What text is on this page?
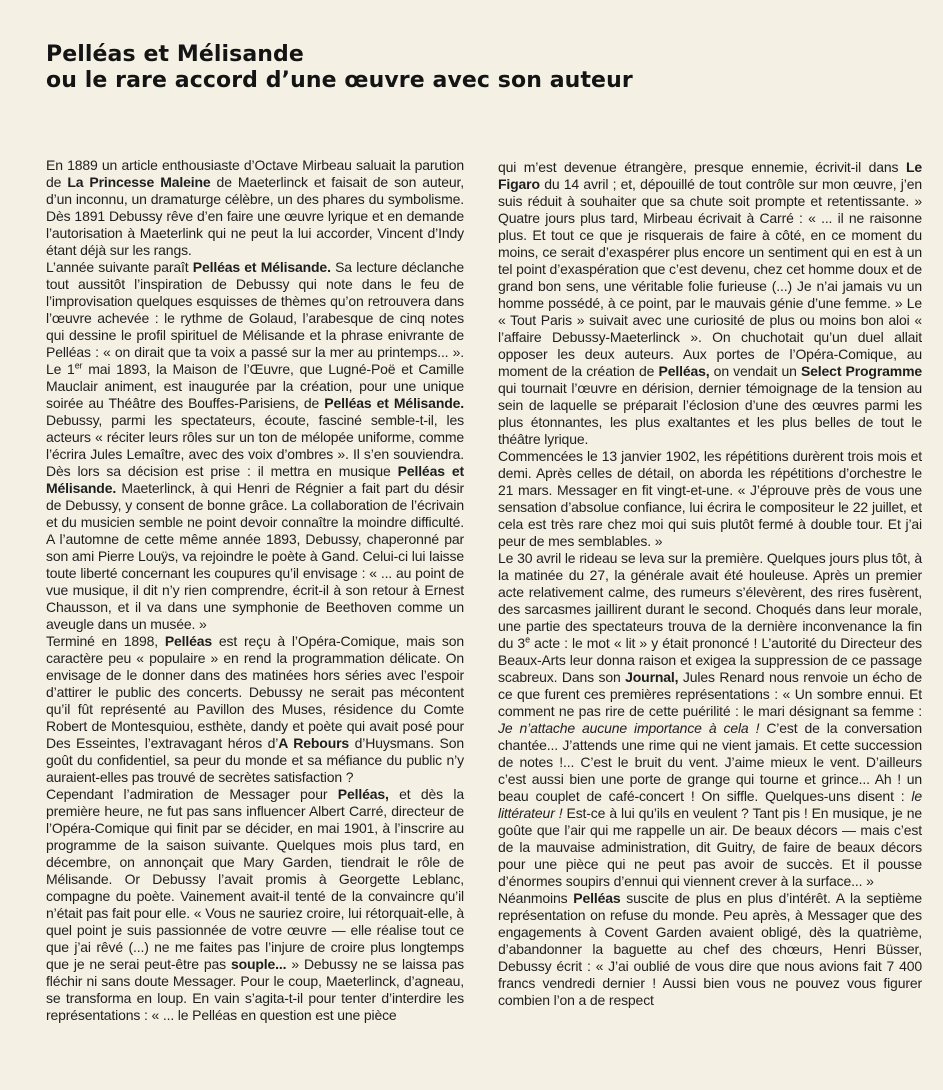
Pelléas et Mélisande
ou le rare accord d’une œuvre avec son auteur

En 1889 un article enthousiaste d’Octave Mirbeau saluait la parution de La Princesse Maleine de Maeterlinck et faisait de son auteur, d’un inconnu, un dramaturge célèbre, un des phares du symbolisme. Dès 1891 Debussy rêve d’en faire une œuvre lyrique et en demande l’autorisation à Maeterlink qui ne peut la lui accorder, Vincent d’Indy étant déjà sur les rangs.

L’année suivante paraît Pelléas et Mélisande. Sa lecture déclanche tout aussitôt l’inspiration de Debussy qui note dans le feu de l’improvisation quelques esquisses de thèmes qu’on retrouvera dans l’œuvre achevée : le rythme de Golaud, l’arabesque de cinq notes qui dessine le profil spirituel de Mélisande et la phrase enivrante de Pelléas : « on dirait que ta voix a passé sur la mer au printemps... ». Le 1er mai 1893, la Maison de l’Œuvre, que Lugné-Poë et Camille Mauclair animent, est inaugurée par la création, pour une unique soirée au Théâtre des Bouffes-Parisiens, de Pelléas et Mélisande. Debussy, parmi les spectateurs, écoute, fasciné semble-t-il, les acteurs « réciter leurs rôles sur un ton de mélopée uniforme, comme l’écrira Jules Lemaître, avec des voix d’ombres ». Il s’en souviendra. Dès lors sa décision est prise : il mettra en musique Pelléas et Mélisande. Maeterlinck, à qui Henri de Régnier a fait part du désir de Debussy, y consent de bonne grâce. La collaboration de l’écrivain et du musicien semble ne point devoir connaître la moindre difficulté. A l’automne de cette même année 1893, Debussy, chaperonné par son ami Pierre Louÿs, va rejoindre le poète à Gand. Celui-ci lui laisse toute liberté concernant les coupures qu’il envisage : « ... au point de vue musique, il dit n’y rien comprendre, écrit-il à son retour à Ernest Chausson, et il va dans une symphonie de Beethoven comme un aveugle dans un musée. »

Terminé en 1898, Pelléas est reçu à l’Opéra-Comique, mais son caractère peu « populaire » en rend la programmation délicate. On envisage de le donner dans des matinées hors séries avec l’espoir d’attirer le public des concerts. Debussy ne serait pas mécontent qu’il fût représenté au Pavillon des Muses, résidence du Comte Robert de Montesquiou, esthète, dandy et poète qui avait posé pour Des Esseintes, l’extravagant héros d’A Rebours d’Huysmans. Son goût du confidentiel, sa peur du monde et sa méfiance du public n’y auraient-elles pas trouvé de secrètes satisfaction ?

Cependant l’admiration de Messager pour Pelléas, et dès la première heure, ne fut pas sans influencer Albert Carré, directeur de l’Opéra-Comique qui finit par se décider, en mai 1901, à l’inscrire au programme de la saison suivante. Quelques mois plus tard, en décembre, on annonçait que Mary Garden, tiendrait le rôle de Mélisande. Or Debussy l’avait promis à Georgette Leblanc, compagne du poète. Vainement avait-il tenté de la convaincre qu’il n’était pas fait pour elle. « Vous ne sauriez croire, lui rétorquait-elle, à quel point je suis passionnée de votre œuvre — elle réalise tout ce que j’ai rêvé (...) ne me faites pas l’injure de croire plus longtemps que je ne serai peut-être pas souple... » Debussy ne se laissa pas fléchir ni sans doute Messager. Pour le coup, Maeterlinck, d’agneau, se transforma en loup. En vain s’agita-t-il pour tenter d’interdire les représentations : « ... le Pelléas en question est une pièce

qui m’est devenue étrangère, presque ennemie, écrivit-il dans Le Figaro du 14 avril ; et, dépouillé de tout contrôle sur mon œuvre, j’en suis réduit à souhaiter que sa chute soit prompte et retentissante. » Quatre jours plus tard, Mirbeau écrivait à Carré : « ... il ne raisonne plus. Et tout ce que je risquerais de faire à côté, en ce moment du moins, ce serait d’exaspérer plus encore un sentiment qui en est à un tel point d’exaspération que c’est devenu, chez cet homme doux et de grand bon sens, une véritable folie furieuse (...) Je n’ai jamais vu un homme possédé, à ce point, par le mauvais génie d’une femme. » Le « Tout Paris » suivait avec une curiosité de plus ou moins bon aloi « l’affaire Debussy-Maeterlinck ». On chuchotait qu’un duel allait opposer les deux auteurs. Aux portes de l’Opéra-Comique, au moment de la création de Pelléas, on vendait un Select Programme qui tournait l’œuvre en dérision, dernier témoignage de la tension au sein de laquelle se préparait l’éclosion d’une des œuvres parmi les plus étonnantes, les plus exaltantes et les plus belles de tout le théâtre lyrique.

Commencées le 13 janvier 1902, les répétitions durèrent trois mois et demi. Après celles de détail, on aborda les répétitions d’orchestre le 21 mars. Messager en fit vingt-et-une. « J’éprouve près de vous une sensation d’absolue confiance, lui écrira le compositeur le 22 juillet, et cela est très rare chez moi qui suis plutôt fermé à double tour. Et j’ai peur de mes semblables. »

Le 30 avril le rideau se leva sur la première. Quelques jours plus tôt, à la matinée du 27, la générale avait été houleuse. Après un premier acte relativement calme, des rumeurs s’élevèrent, des rires fusèrent, des sarcasmes jaillirent durant le second. Choqués dans leur morale, une partie des spectateurs trouva de la dernière inconvenance la fin du 3e acte : le mot « lit » y était prononcé ! L’autorité du Directeur des Beaux-Arts leur donna raison et exigea la suppression de ce passage scabreux. Dans son Journal, Jules Renard nous renvoie un écho de ce que furent ces premières représentations : « Un sombre ennui. Et comment ne pas rire de cette puérilité : le mari désignant sa femme : Je n’attache aucune importance à cela ! C’est de la conversation chantée... J’attends une rime qui ne vient jamais. Et cette succession de notes !... C’est le bruit du vent. J’aime mieux le vent. D’ailleurs c’est aussi bien une porte de grange qui tourne et grince... Ah ! un beau couplet de café-concert ! On siffle. Quelques-uns disent : le littérateur ! Est-ce à lui qu’ils en veulent ? Tant pis ! En musique, je ne goûte que l’air qui me rappelle un air. De beaux décors — mais c’est de la mauvaise administration, dit Guitry, de faire de beaux décors pour une pièce qui ne peut pas avoir de succès. Et il pousse d’énormes soupirs d’ennui qui viennent crever à la surface... »

Néanmoins Pelléas suscite de plus en plus d’intérêt. A la septième représentation on refuse du monde. Peu après, à Messager que des engagements à Covent Garden avaient obligé, dès la quatrième, d’abandonner la baguette au chef des chœurs, Henri Büsser, Debussy écrit : « J’ai oublié de vous dire que nous avions fait 7 400 francs vendredi dernier ! Aussi bien vous ne pouvez vous figurer combien l’on a de respect
